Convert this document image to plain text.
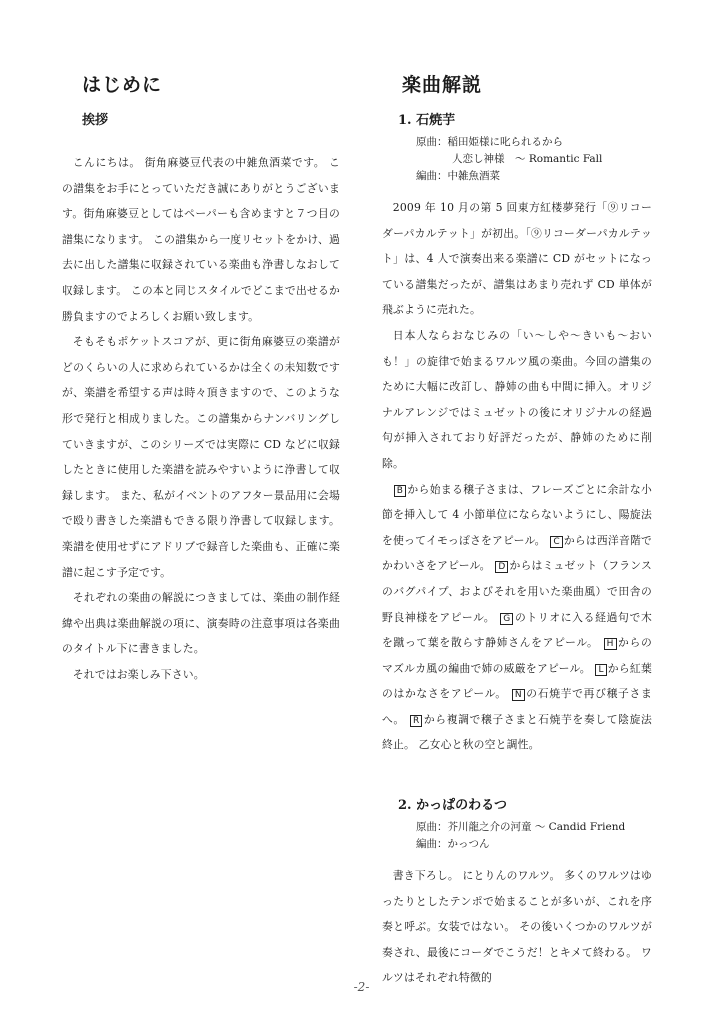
はじめに
挨拶

こんにちは。 街角麻婆豆代表の中雑魚酒菜です。 この譜集をお手にとっていただき誠にありがとうございます。街角麻婆豆としてはペーパーも含めますと７つ目の譜集になります。 この譜集から一度リセットをかけ、過去に出した譜集に収録されている楽曲も浄書しなおして収録します。 この本と同じスタイルでどこまで出せるか勝負ますのでよろしくお願い致します。

そもそもポケットスコアが、更に街角麻婆豆の楽譜がどのくらいの人に求められているかは全くの未知数ですが、楽譜を希望する声は時々頂きますので、このような形で発行と相成りました。この譜集からナンバリングしていきますが、このシリーズでは実際に CD などに収録したときに使用した楽譜を読みやすいように浄書して収録します。 また、私がイベントのアフター景品用に会場で殴り書きした楽譜もできる限り浄書して収録します。 楽譜を使用せずにアドリブで録音した楽曲も、正確に楽譜に起こす予定です。

それぞれの楽曲の解説につきましては、楽曲の制作経緯や出典は楽曲解説の項に、演奏時の注意事項は各楽曲のタイトル下に書きました。

それではお楽しみ下さい。

楽曲解説
1. 石焼芋
原曲：稲田姫様に叱られるから
人恋し神様　～ Romantic Fall
編曲：中雑魚酒菜

2009 年 10 月の第 5 回東方紅楼夢発行「⑨リコーダーパカルテット」が初出。「⑨リコーダーパカルテット」は、4 人で演奏出来る楽譜に CD がセットになっている譜集だったが、譜集はあまり売れず CD 単体が飛ぶように売れた。

日本人ならおなじみの「い～しや～きいも～おいも！」の旋律で始まるワルツ風の楽曲。今回の譜集のために大幅に改訂し、静姉の曲も中間に挿入。オリジナルアレンジではミュゼットの後にオリジナルの経過句が挿入されており好評だったが、静姉のために削除。

B から始まる穣子さまは、フレーズごとに余計な小節を挿入して 4 小節単位にならないようにし、陽旋法を使ってイモっぽさをアピール。 C からは西洋音階でかわいさをアピール。 D からはミュゼット（フランスのバグパイプ、およびそれを用いた楽曲風）で田舎の野良神様をアピール。 G のトリオに入る経過句で木を蹴って葉を散らす静姉さんをアピール。 H からのマズルカ風の編曲で姉の威厳をアピール。 L から紅葉のはかなさをアピール。 N の石焼芋で再び穣子さまへ。 R から複調で穣子さまと石焼芋を奏して陰旋法終止。 乙女心と秋の空と調性。

2. かっぱのわるつ
原曲：芥川龍之介の河童 ～ Candid Friend
編曲：かっつん

書き下ろし。 にとりんのワルツ。 多くのワルツはゆったりとしたテンポで始まることが多いが、これを序奏と呼ぶ。女装ではない。 その後いくつかのワルツが奏され、最後にコーダでこうだ！とキメて終わる。 ワルツはそれぞれ特徴的

-2-
